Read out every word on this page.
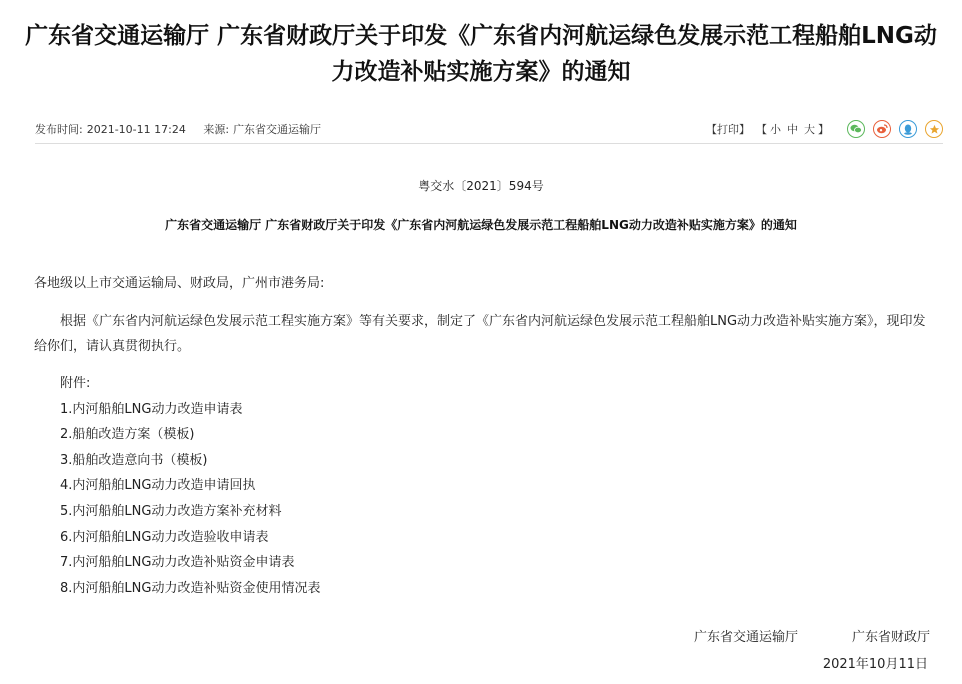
广东省交通运输厅 广东省财政厅关于印发《广东省内河航运绿色发展示范工程船舶LNG动力改造补贴实施方案》的通知
发布时间: 2021-10-11 17:24 来源: 广东省交通运输厅	【打印】 【 小 中 大 】
粤交水〔2021〕594号
广东省交通运输厅 广东省财政厅关于印发《广东省内河航运绿色发展示范工程船舶LNG动力改造补贴实施方案》的通知
各地级以上市交通运输局、财政局，广州市港务局:

根据《广东省内河航运绿色发展示范工程实施方案》等有关要求，制定了《广东省内河航运绿色发展示范工程船舶LNG动力改造补贴实施方案》，现印发给你们，请认真贯彻执行。

附件:
1.内河船舶LNG动力改造申请表
2.船舶改造方案（模板)
3.船舶改造意向书（模板)
4.内河船舶LNG动力改造申请回执
5.内河船舶LNG动力改造方案补充材料
6.内河船舶LNG动力改造验收申请表
7.内河船舶LNG动力改造补贴资金申请表
8.内河船舶LNG动力改造补贴资金使用情况表
广东省交通运输厅	广东省财政厅
2021年10月11日
